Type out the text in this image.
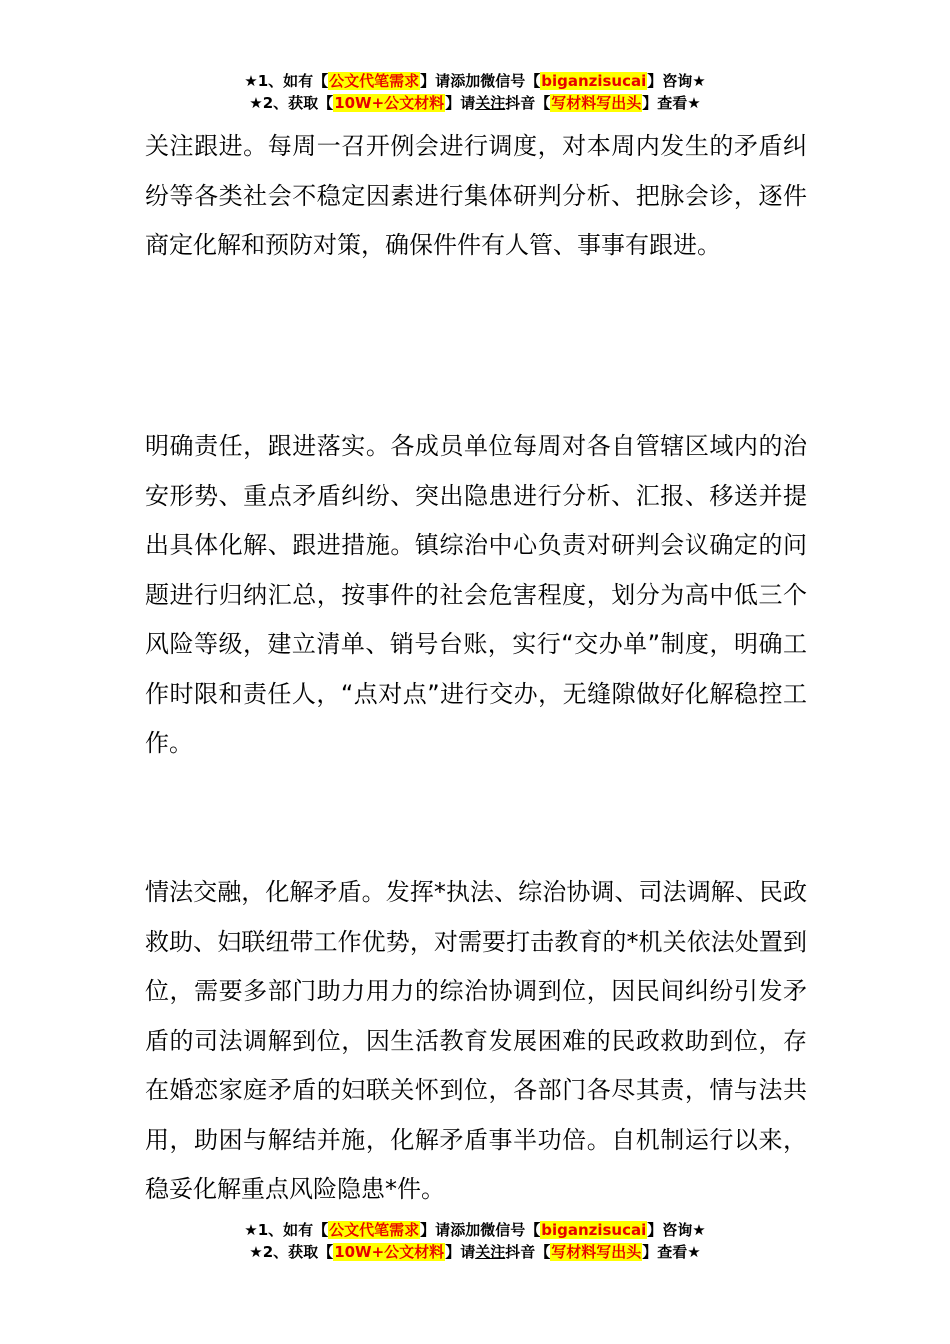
★1、如有【公文代笔需求】请添加微信号【biganzisucai】咨询★
★2、获取【10W+公文材料】请关注抖音【写材料写出头】查看★

关注跟进。每周一召开例会进行调度，对本周内发生的矛盾纠纷等各类社会不稳定因素进行集体研判分析、把脉会诊，逐件商定化解和预防对策，确保件件有人管、事事有跟进。

明确责任，跟进落实。各成员单位每周对各自管辖区域内的治安形势、重点矛盾纠纷、突出隐患进行分析、汇报、移送并提出具体化解、跟进措施。镇综治中心负责对研判会议确定的问题进行归纳汇总，按事件的社会危害程度，划分为高中低三个风险等级，建立清单、销号台账，实行“交办单”制度，明确工作时限和责任人，“点对点”进行交办，无缝隙做好化解稳控工作。

情法交融，化解矛盾。发挥*执法、综治协调、司法调解、民政救助、妇联纽带工作优势，对需要打击教育的*机关依法处置到位，需要多部门助力用力的综治协调到位，因民间纠纷引发矛盾的司法调解到位，因生活教育发展困难的民政救助到位，存在婚恋家庭矛盾的妇联关怀到位，各部门各尽其责，情与法共用，助困与解结并施，化解矛盾事半功倍。自机制运行以来，稳妥化解重点风险隐患*件。

★1、如有【公文代笔需求】请添加微信号【biganzisucai】咨询★
★2、获取【10W+公文材料】请关注抖音【写材料写出头】查看★
